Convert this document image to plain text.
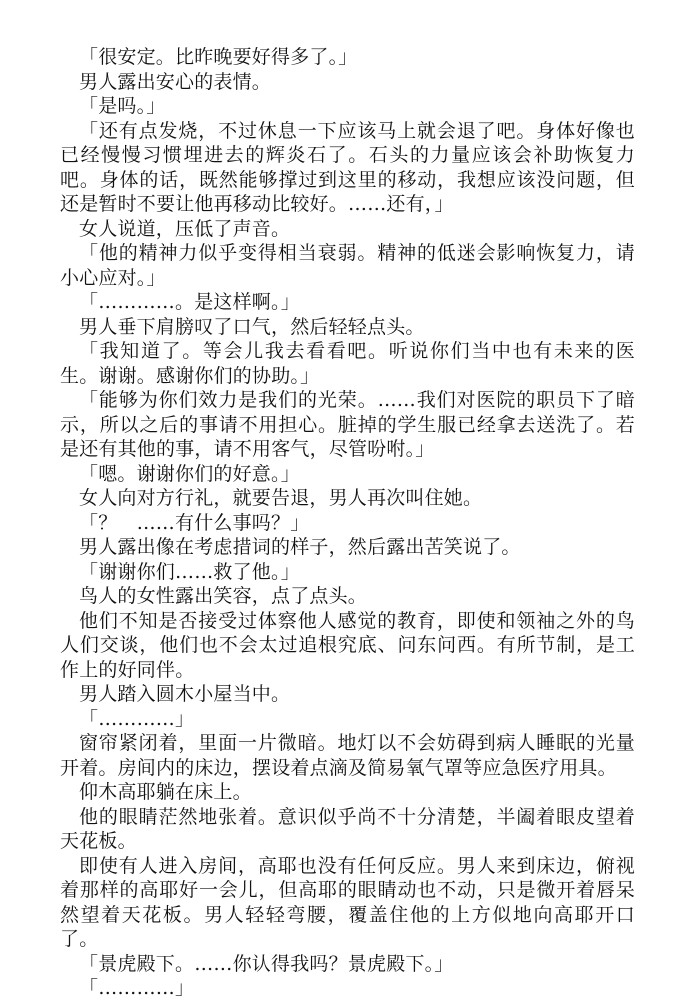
「很安定。比昨晚要好得多了。」

男人露出安心的表情。

「是吗。」

「还有点发烧，不过休息一下应该马上就会退了吧。身体好像也已经慢慢习惯埋进去的辉炎石了。石头的力量应该会补助恢复力吧。身体的话，既然能够撑过到这里的移动，我想应该没问题，但还是暂时不要让他再移动比较好。……还有，」

女人说道，压低了声音。

「他的精神力似乎变得相当衰弱。精神的低迷会影响恢复力，请小心应对。」

「…………。是这样啊。」

男人垂下肩膀叹了口气，然后轻轻点头。

「我知道了。等会儿我去看看吧。听说你们当中也有未来的医生。谢谢。感谢你们的协助。」

「能够为你们效力是我们的光荣。……我们对医院的职员下了暗示，所以之后的事请不用担心。脏掉的学生服已经拿去送洗了。若是还有其他的事，请不用客气，尽管吩咐。」

「嗯。谢谢你们的好意。」

女人向对方行礼，就要告退，男人再次叫住她。

「？　……有什么事吗？」

男人露出像在考虑措词的样子，然后露出苦笑说了。

「谢谢你们……救了他。」

鸟人的女性露出笑容，点了点头。

他们不知是否接受过体察他人感觉的教育，即使和领袖之外的鸟人们交谈，他们也不会太过追根究底、问东问西。有所节制，是工作上的好同伴。

男人踏入圆木小屋当中。

「…………」

窗帘紧闭着，里面一片微暗。地灯以不会妨碍到病人睡眠的光量开着。房间内的床边，摆设着点滴及简易氧气罩等应急医疗用具。

仰木高耶躺在床上。

他的眼睛茫然地张着。意识似乎尚不十分清楚，半阖着眼皮望着天花板。

即使有人进入房间，高耶也没有任何反应。男人来到床边，俯视着那样的高耶好一会儿，但高耶的眼睛动也不动，只是微开着唇呆然望着天花板。男人轻轻弯腰，覆盖住他的上方似地向高耶开口了。

「景虎殿下。……你认得我吗？景虎殿下。」

「…………」
